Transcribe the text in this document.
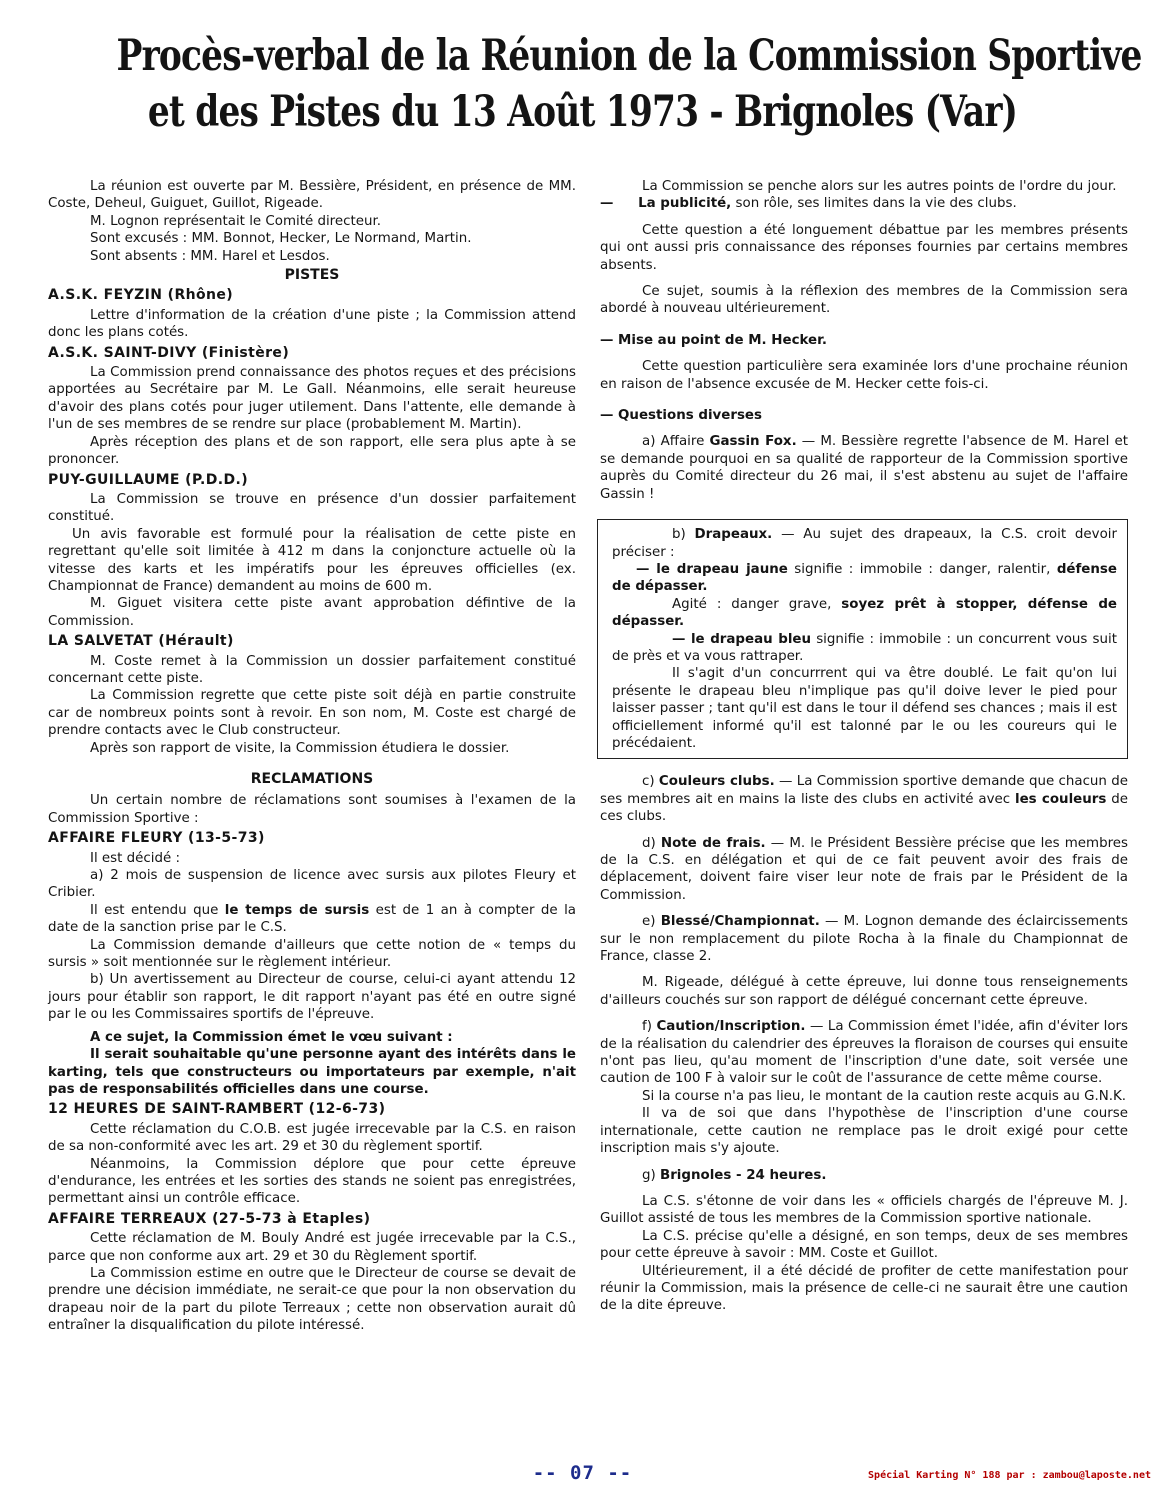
Procès-verbal de la Réunion de la Commission Sportive
et des Pistes du 13 Août 1973 - Brignoles (Var)

La réunion est ouverte par M. Bessière, Président, en présence de MM. Coste, Deheul, Guiguet, Guillot, Rigeade.

M. Lognon représentait le Comité directeur.

Sont excusés : MM. Bonnot, Hecker, Le Normand, Martin.

Sont absents : MM. Harel et Lesdos.

PISTES
A.S.K. FEYZIN (Rhône)

Lettre d'information de la création d'une piste ; la Commission attend donc les plans cotés.

A.S.K. SAINT-DIVY (Finistère)

La Commission prend connaissance des photos reçues et des précisions apportées au Secrétaire par M. Le Gall. Néanmoins, elle serait heureuse d'avoir des plans cotés pour juger utilement. Dans l'attente, elle demande à l'un de ses membres de se rendre sur place (probablement M. Martin).

Après réception des plans et de son rapport, elle sera plus apte à se prononcer.

PUY-GUILLAUME (P.D.D.)

La Commission se trouve en présence d'un dossier parfaitement constitué.

Un avis favorable est formulé pour la réalisation de cette piste en regrettant qu'elle soit limitée à 412 m dans la conjoncture actuelle où la vitesse des karts et les impératifs pour les épreuves officielles (ex. Championnat de France) demandent au moins de 600 m.

M. Giguet visitera cette piste avant approbation défintive de la Commission.

LA SALVETAT (Hérault)

M. Coste remet à la Commission un dossier parfaitement constitué concernant cette piste.

La Commission regrette que cette piste soit déjà en partie construite car de nombreux points sont à revoir. En son nom, M. Coste est chargé de prendre contacts avec le Club constructeur.

Après son rapport de visite, la Commission étudiera le dossier.

RECLAMATIONS

Un certain nombre de réclamations sont soumises à l'examen de la Commission Sportive :

AFFAIRE FLEURY (13-5-73)

Il est décidé :

a) 2 mois de suspension de licence avec sursis aux pilotes Fleury et Cribier.

Il est entendu que le temps de sursis est de 1 an à compter de la date de la sanction prise par le C.S.

La Commission demande d'ailleurs que cette notion de « temps du sursis » soit mentionnée sur le règlement intérieur.

b) Un avertissement au Directeur de course, celui-ci ayant attendu 12 jours pour établir son rapport, le dit rapport n'ayant pas été en outre signé par le ou les Commissaires sportifs de l'épreuve.

A ce sujet, la Commission émet le vœu suivant :

Il serait souhaitable qu'une personne ayant des intérêts dans le karting, tels que constructeurs ou importateurs par exemple, n'ait pas de responsabilités officielles dans une course.

12 HEURES DE SAINT-RAMBERT (12-6-73)

Cette réclamation du C.O.B. est jugée irrecevable par la C.S. en raison de sa non-conformité avec les art. 29 et 30 du règlement sportif.

Néanmoins, la Commission déplore que pour cette épreuve d'endurance, les entrées et les sorties des stands ne soient pas enregistrées, permettant ainsi un contrôle efficace.

AFFAIRE TERREAUX (27-5-73 à Etaples)

Cette réclamation de M. Bouly André est jugée irrecevable par la C.S., parce que non conforme aux art. 29 et 30 du Règlement sportif.

La Commission estime en outre que le Directeur de course se devait de prendre une décision immédiate, ne serait-ce que pour la non observation du drapeau noir de la part du pilote Terreaux ; cette non observation aurait dû entraîner la disqualification du pilote intéressé.

La Commission se penche alors sur les autres points de l'ordre du jour.

— La publicité, son rôle, ses limites dans la vie des clubs.

Cette question a été longuement débattue par les membres présents qui ont aussi pris connaissance des réponses fournies par certains membres absents.

Ce sujet, soumis à la réflexion des membres de la Commission sera abordé à nouveau ultérieurement.

— Mise au point de M. Hecker.

Cette question particulière sera examinée lors d'une prochaine réunion en raison de l'absence excusée de M. Hecker cette fois-ci.

— Questions diverses

a) Affaire Gassin Fox. — M. Bessière regrette l'absence de M. Harel et se demande pourquoi en sa qualité de rapporteur de la Commission sportive auprès du Comité directeur du 26 mai, il s'est abstenu au sujet de l'affaire Gassin !

b) Drapeaux. — Au sujet des drapeaux, la C.S. croit devoir préciser :

— le drapeau jaune signifie : immobile : danger, ralentir, défense de dépasser.

Agité : danger grave, soyez prêt à stopper, défense de dépasser.

— le drapeau bleu signifie : immobile : un concurrent vous suit de près et va vous rattraper.

Il s'agit d'un concurrrent qui va être doublé. Le fait qu'on lui présente le drapeau bleu n'implique pas qu'il doive lever le pied pour laisser passer ; tant qu'il est dans le tour il défend ses chances ; mais il est officiellement informé qu'il est talonné par le ou les coureurs qui le précédaient.

c) Couleurs clubs. — La Commission sportive demande que chacun de ses membres ait en mains la liste des clubs en activité avec les couleurs de ces clubs.

d) Note de frais. — M. le Président Bessière précise que les membres de la C.S. en délégation et qui de ce fait peuvent avoir des frais de déplacement, doivent faire viser leur note de frais par le Président de la Commission.

e) Blessé/Championnat. — M. Lognon demande des éclaircissements sur le non remplacement du pilote Rocha à la finale du Championnat de France, classe 2.

M. Rigeade, délégué à cette épreuve, lui donne tous renseignements d'ailleurs couchés sur son rapport de délégué concernant cette épreuve.

f) Caution/Inscription. — La Commission émet l'idée, afin d'éviter lors de la réalisation du calendrier des épreuves la floraison de courses qui ensuite n'ont pas lieu, qu'au moment de l'inscription d'une date, soit versée une caution de 100 F à valoir sur le coût de l'assurance de cette même course.

Si la course n'a pas lieu, le montant de la caution reste acquis au G.N.K.

Il va de soi que dans l'hypothèse de l'inscription d'une course internationale, cette caution ne remplace pas le droit exigé pour cette inscription mais s'y ajoute.

g) Brignoles - 24 heures.

La C.S. s'étonne de voir dans les « officiels chargés de l'épreuve M. J. Guillot assisté de tous les membres de la Commission sportive nationale.

La C.S. précise qu'elle a désigné, en son temps, deux de ses membres pour cette épreuve à savoir : MM. Coste et Guillot.

Ultérieurement, il a été décidé de profiter de cette manifestation pour réunir la Commission, mais la présence de celle-ci ne saurait être une caution de la dite épreuve.

-- 07 --	Spécial Karting N° 188 par : zambou@laposte.net
